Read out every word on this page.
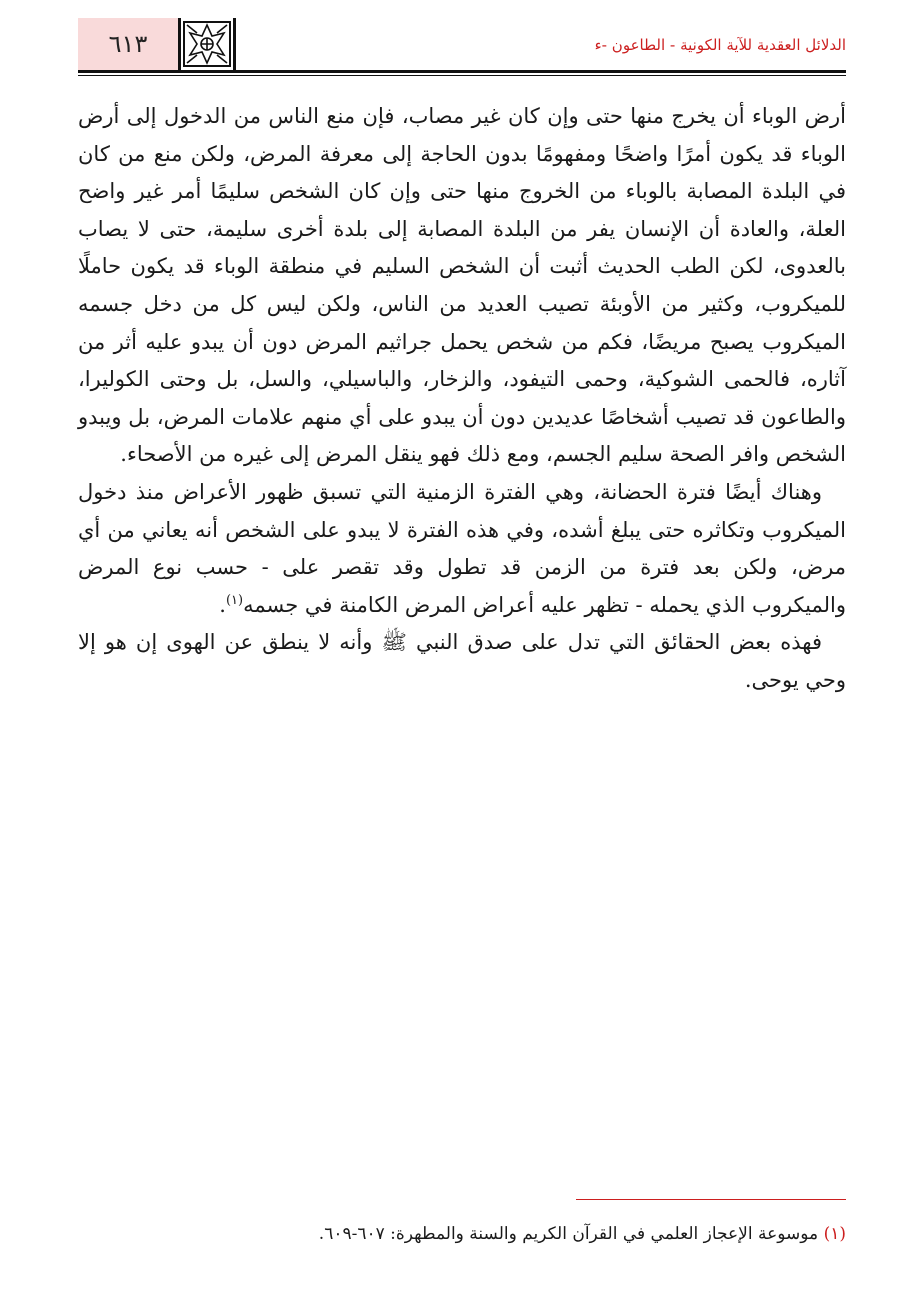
٦١٣	الدلائل العقدية للآية الكونية - الطاعون -ء

أرض الوباء أن يخرج منها حتى وإن كان غير مصاب، فإن منع الناس من الدخول إلى أرض الوباء قد يكون أمرًا واضحًا ومفهومًا بدون الحاجة إلى معرفة المرض، ولكن منع من كان في البلدة المصابة بالوباء من الخروج منها حتى وإن كان الشخص سليمًا أمر غير واضح العلة، والعادة أن الإنسان يفر من البلدة المصابة إلى بلدة أخرى سليمة، حتى لا يصاب بالعدوى، لكن الطب الحديث أثبت أن الشخص السليم في منطقة الوباء قد يكون حاملًا للميكروب، وكثير من الأوبئة تصيب العديد من الناس، ولكن ليس كل من دخل جسمه الميكروب يصبح مريضًا، فكم من شخص يحمل جراثيم المرض دون أن يبدو عليه أثر من آثاره، فالحمى الشوكية، وحمى التيفود، والزخار، والباسيلي، والسل، بل وحتى الكوليرا، والطاعون قد تصيب أشخاصًا عديدين دون أن يبدو على أي منهم علامات المرض، بل ويبدو الشخص وافر الصحة سليم الجسم، ومع ذلك فهو ينقل المرض إلى غيره من الأصحاء.

وهناك أيضًا فترة الحضانة، وهي الفترة الزمنية التي تسبق ظهور الأعراض منذ دخول الميكروب وتكاثره حتى يبلغ أشده، وفي هذه الفترة لا يبدو على الشخص أنه يعاني من أي مرض، ولكن بعد فترة من الزمن قد تطول وقد تقصر على - حسب نوع المرض والميكروب الذي يحمله - تظهر عليه أعراض المرض الكامنة في جسمه$^{(١)}$.

فهذه بعض الحقائق التي تدل على صدق النبي ﷺ وأنه لا ينطق عن الهوى إن هو إلا وحي يوحى.

(١) موسوعة الإعجاز العلمي في القرآن الكريم والسنة والمطهرة: ٦٠٧-٦٠٩.
